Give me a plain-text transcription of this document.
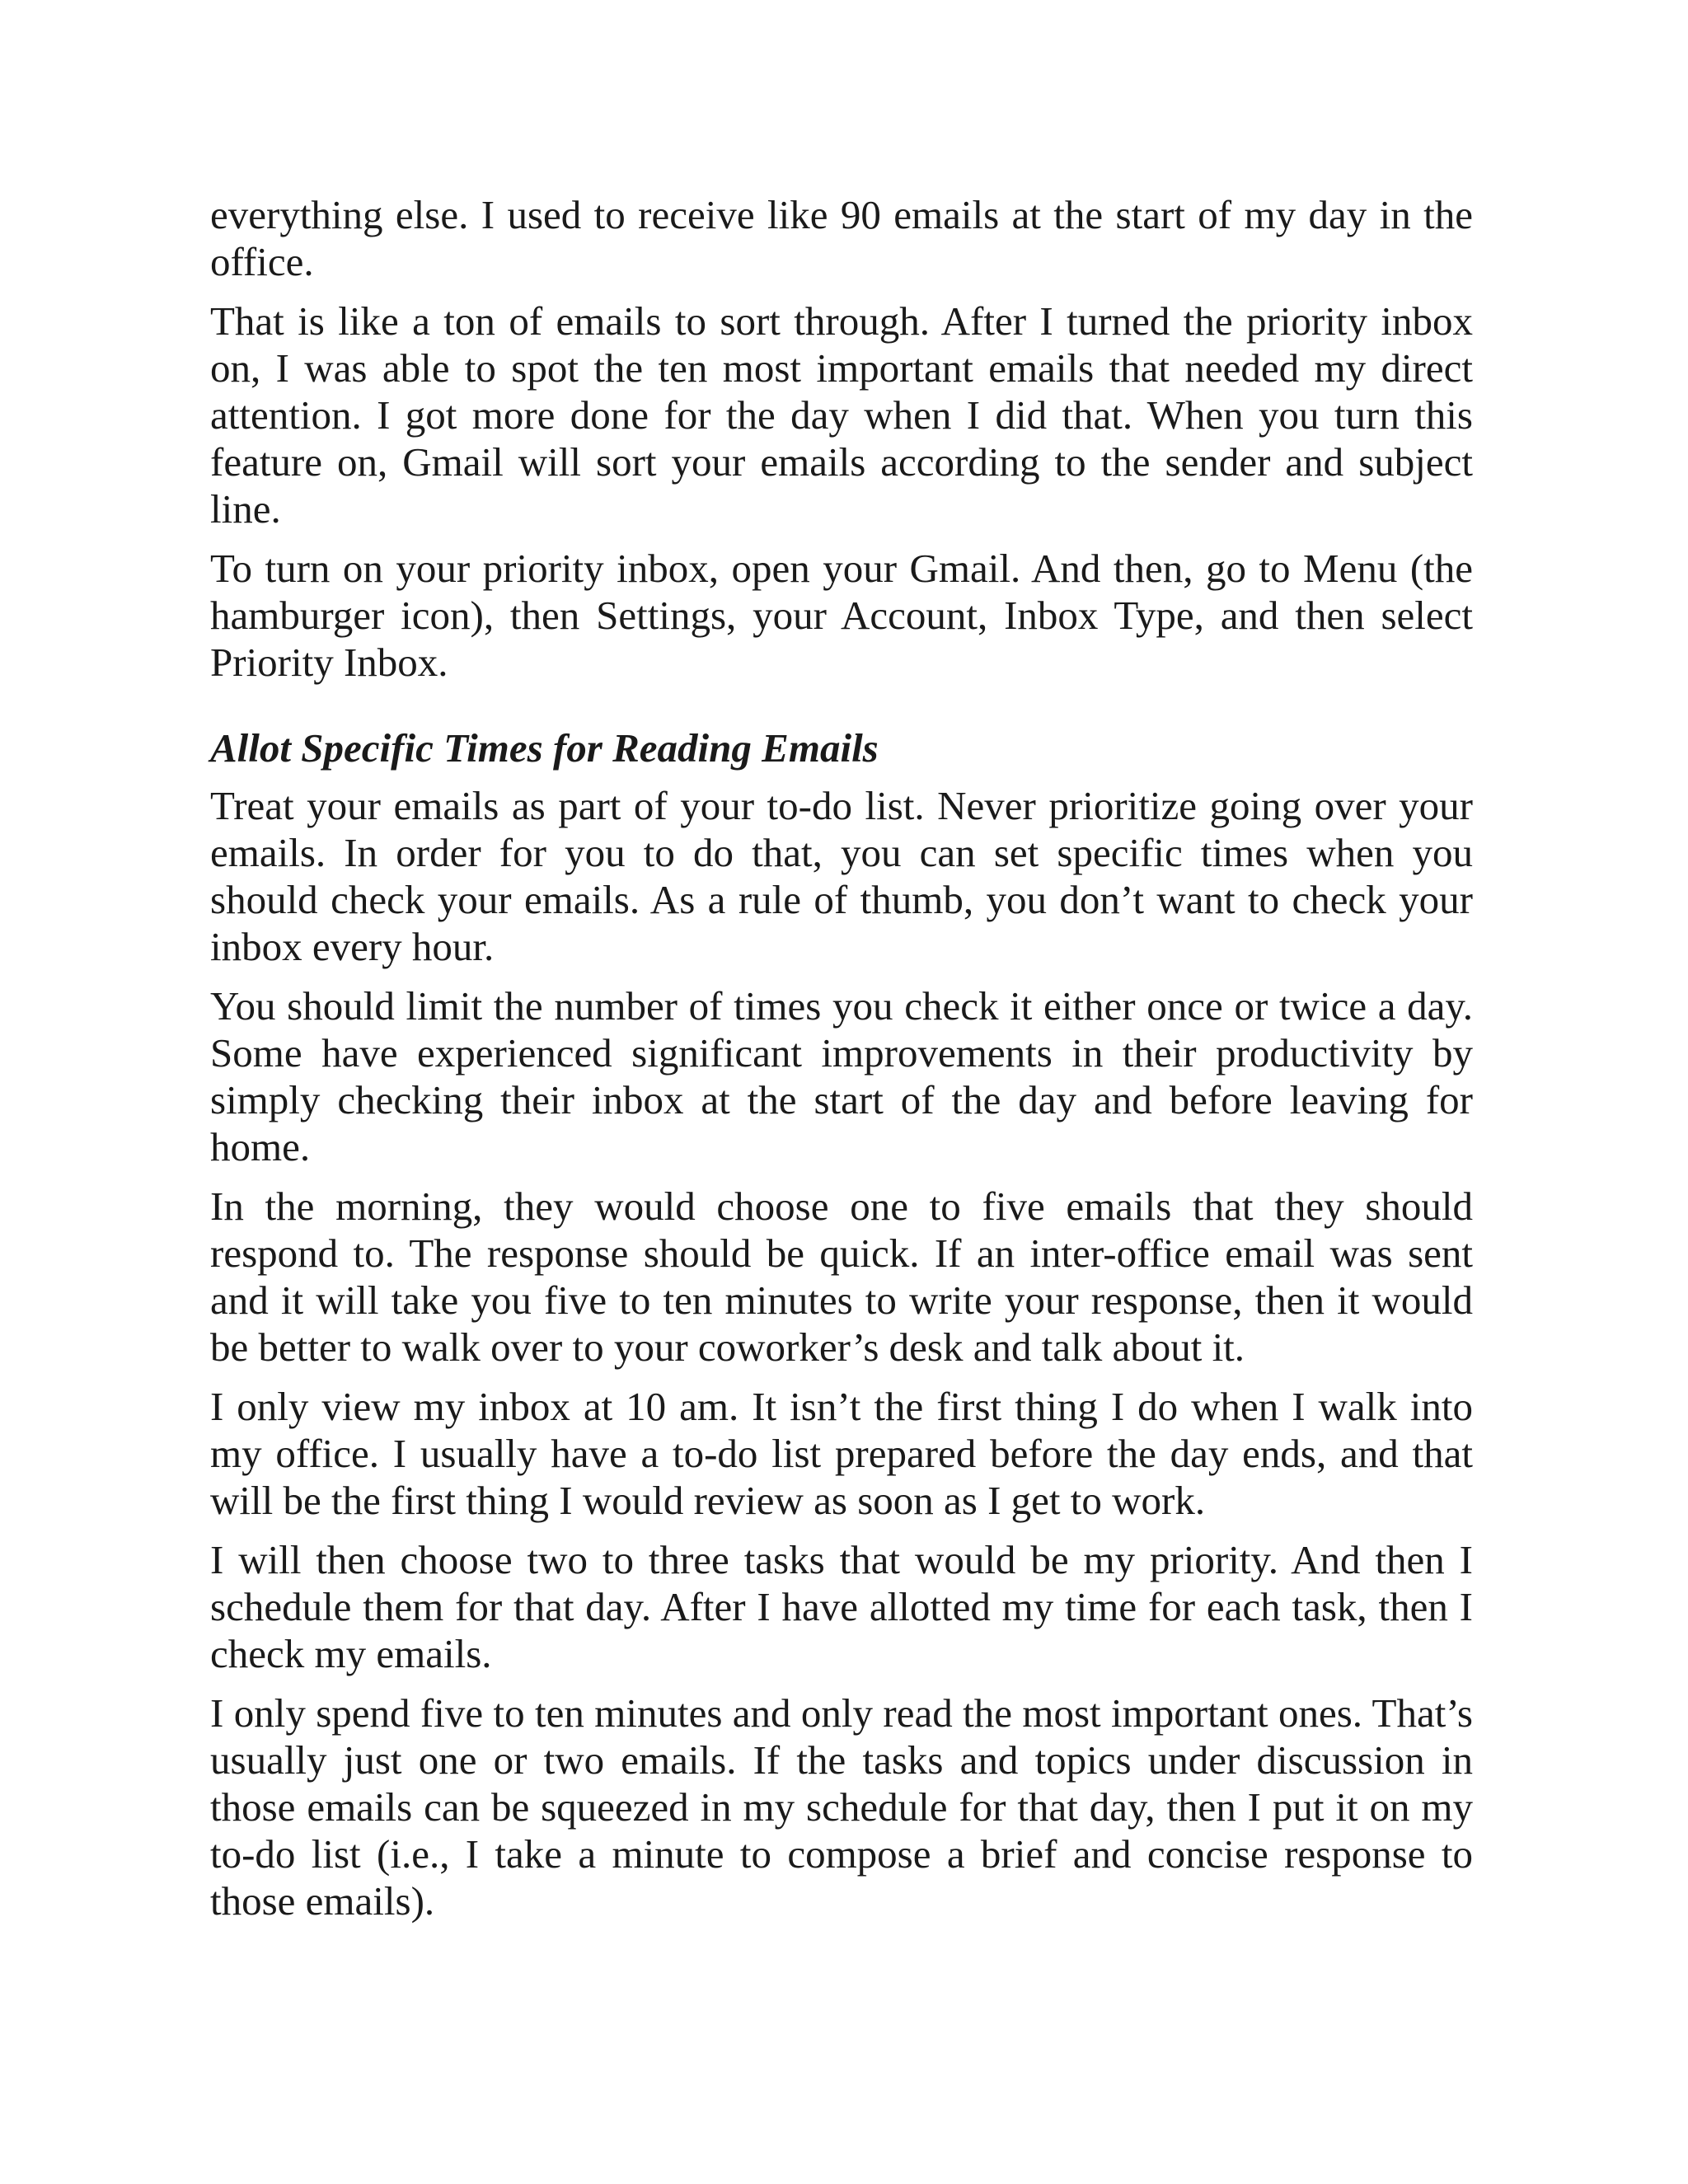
everything else. I used to receive like 90 emails at the start of my day in the office.

That is like a ton of emails to sort through. After I turned the priority inbox on, I was able to spot the ten most important emails that needed my direct attention. I got more done for the day when I did that. When you turn this feature on, Gmail will sort your emails according to the sender and subject line.

To turn on your priority inbox, open your Gmail. And then, go to Menu (the hamburger icon), then Settings, your Account, Inbox Type, and then select Priority Inbox.

Allot Specific Times for Reading Emails

Treat your emails as part of your to-do list. Never prioritize going over your emails. In order for you to do that, you can set specific times when you should check your emails. As a rule of thumb, you don’t want to check your inbox every hour.

You should limit the number of times you check it either once or twice a day. Some have experienced significant improvements in their productivity by simply checking their inbox at the start of the day and before leaving for home.

In the morning, they would choose one to five emails that they should respond to. The response should be quick. If an inter-office email was sent and it will take you five to ten minutes to write your response, then it would be better to walk over to your coworker’s desk and talk about it.

I only view my inbox at 10 am. It isn’t the first thing I do when I walk into my office. I usually have a to-do list prepared before the day ends, and that will be the first thing I would review as soon as I get to work.

I will then choose two to three tasks that would be my priority. And then I schedule them for that day. After I have allotted my time for each task, then I check my emails.

I only spend five to ten minutes and only read the most important ones. That’s usually just one or two emails. If the tasks and topics under discussion in those emails can be squeezed in my schedule for that day, then I put it on my to-do list (i.e., I take a minute to compose a brief and concise response to those emails).
